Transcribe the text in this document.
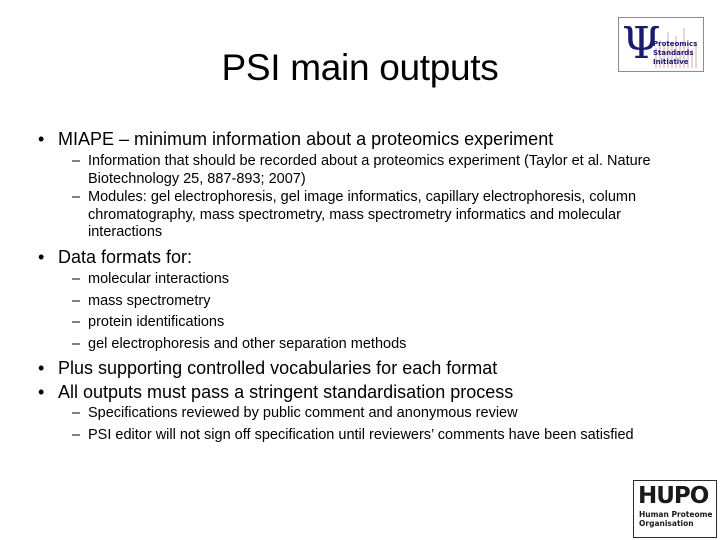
PSI main outputs	Ψ
Proteomics
Standards
Initiative
• MIAPE – minimum information about a proteomics experiment
– Information that should be recorded about a proteomics experiment (Taylor et al. Nature Biotechnology 25, 887-893; 2007)
– Modules: gel electrophoresis, gel image informatics, capillary electrophoresis, column chromatography, mass spectrometry, mass spectrometry informatics and molecular interactions
• Data formats for:
– molecular interactions
– mass spectrometry
– protein identifications
– gel electrophoresis and other separation methods
• Plus supporting controlled vocabularies for each format
• All outputs must pass a stringent standardisation process
– Specifications reviewed by public comment and anonymous review
– PSI editor will not sign off specification until reviewers’ comments have been satisfied
HUPO
Human Proteome
Organisation
